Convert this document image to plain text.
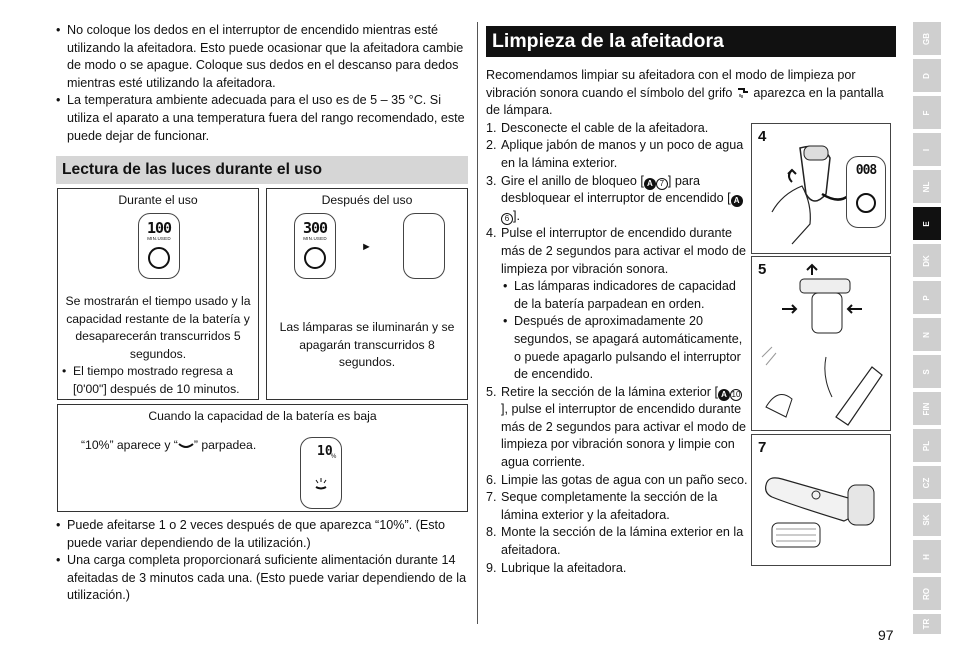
• No coloque los dedos en el interruptor de encendido mientras esté utilizando la afeitadora. Esto puede ocasionar que la afeitadora cambie de modo o se apague. Coloque sus dedos en el descanso para dedos mientras esté utilizando la afeitadora.
• La temperatura ambiente adecuada para el uso es de 5 – 35 °C. Si utiliza el aparato a una temperatura fuera del rango recomendado, este puede dejar de funcionar.
Lectura de las luces durante el uso
Durante el uso
100
MIN.USED
Se mostrarán el tiempo usado y la capacidad restante de la batería y desaparecerán transcurridos 5 segundos.
• El tiempo mostrado regresa a [0'00"] después de 10 minutos.
Después del uso
300
MIN.USED
►
Las lámparas se iluminarán y se apagarán transcurridos 8 segundos.
Cuando la capacidad de la batería es baja
“10%” aparece y “ ” parpadea.	10
%
• Puede afeitarse 1 o 2 veces después de que aparezca “10%”. (Esto puede variar dependiendo de la utilización.)
• Una carga completa proporcionará suficiente alimentación durante 14 afeitadas de 3 minutos cada una. (Esto puede variar dependiendo de la utilización.)
Limpieza de la afeitadora
Recomendamos limpiar su afeitadora con el modo de limpieza por vibración sonora cuando el símbolo del grifo  aparezca en la pantalla de lámpara.
1. Desconecte el cable de la afeitadora.
2. Aplique jabón de manos y un poco de agua en la lámina exterior.
3. Gire el anillo de bloqueo [ A 7 ] para desbloquear el interruptor de encendido [ A6 ].
4. Pulse el interruptor de encendido durante más de 2 segundos para activar el modo de limpieza por vibración sonora.
• Las lámparas indicadores de capacidad de la batería parpadean en orden.
• Después de aproximadamente 20 segundos, se apagará automáticamente, o puede apagarlo pulsando el interruptor de encendido.
5. Retire la sección de la lámina exterior [ A 10], pulse el interruptor de encendido durante más de 2 segundos para activar el modo de limpieza por vibración sonora y limpie con agua corriente.
6. Limpie las gotas de agua con un paño seco.
7. Seque completamente la sección de la lámina exterior y la afeitadora.
8. Monte la sección de la lámina exterior en la afeitadora.
9. Lubrique la afeitadora.
4
008
5
7
GB
D
F
I
NL
E
DK
P
N
S
FIN
PL
CZ
SK
H
RO
TR
97
